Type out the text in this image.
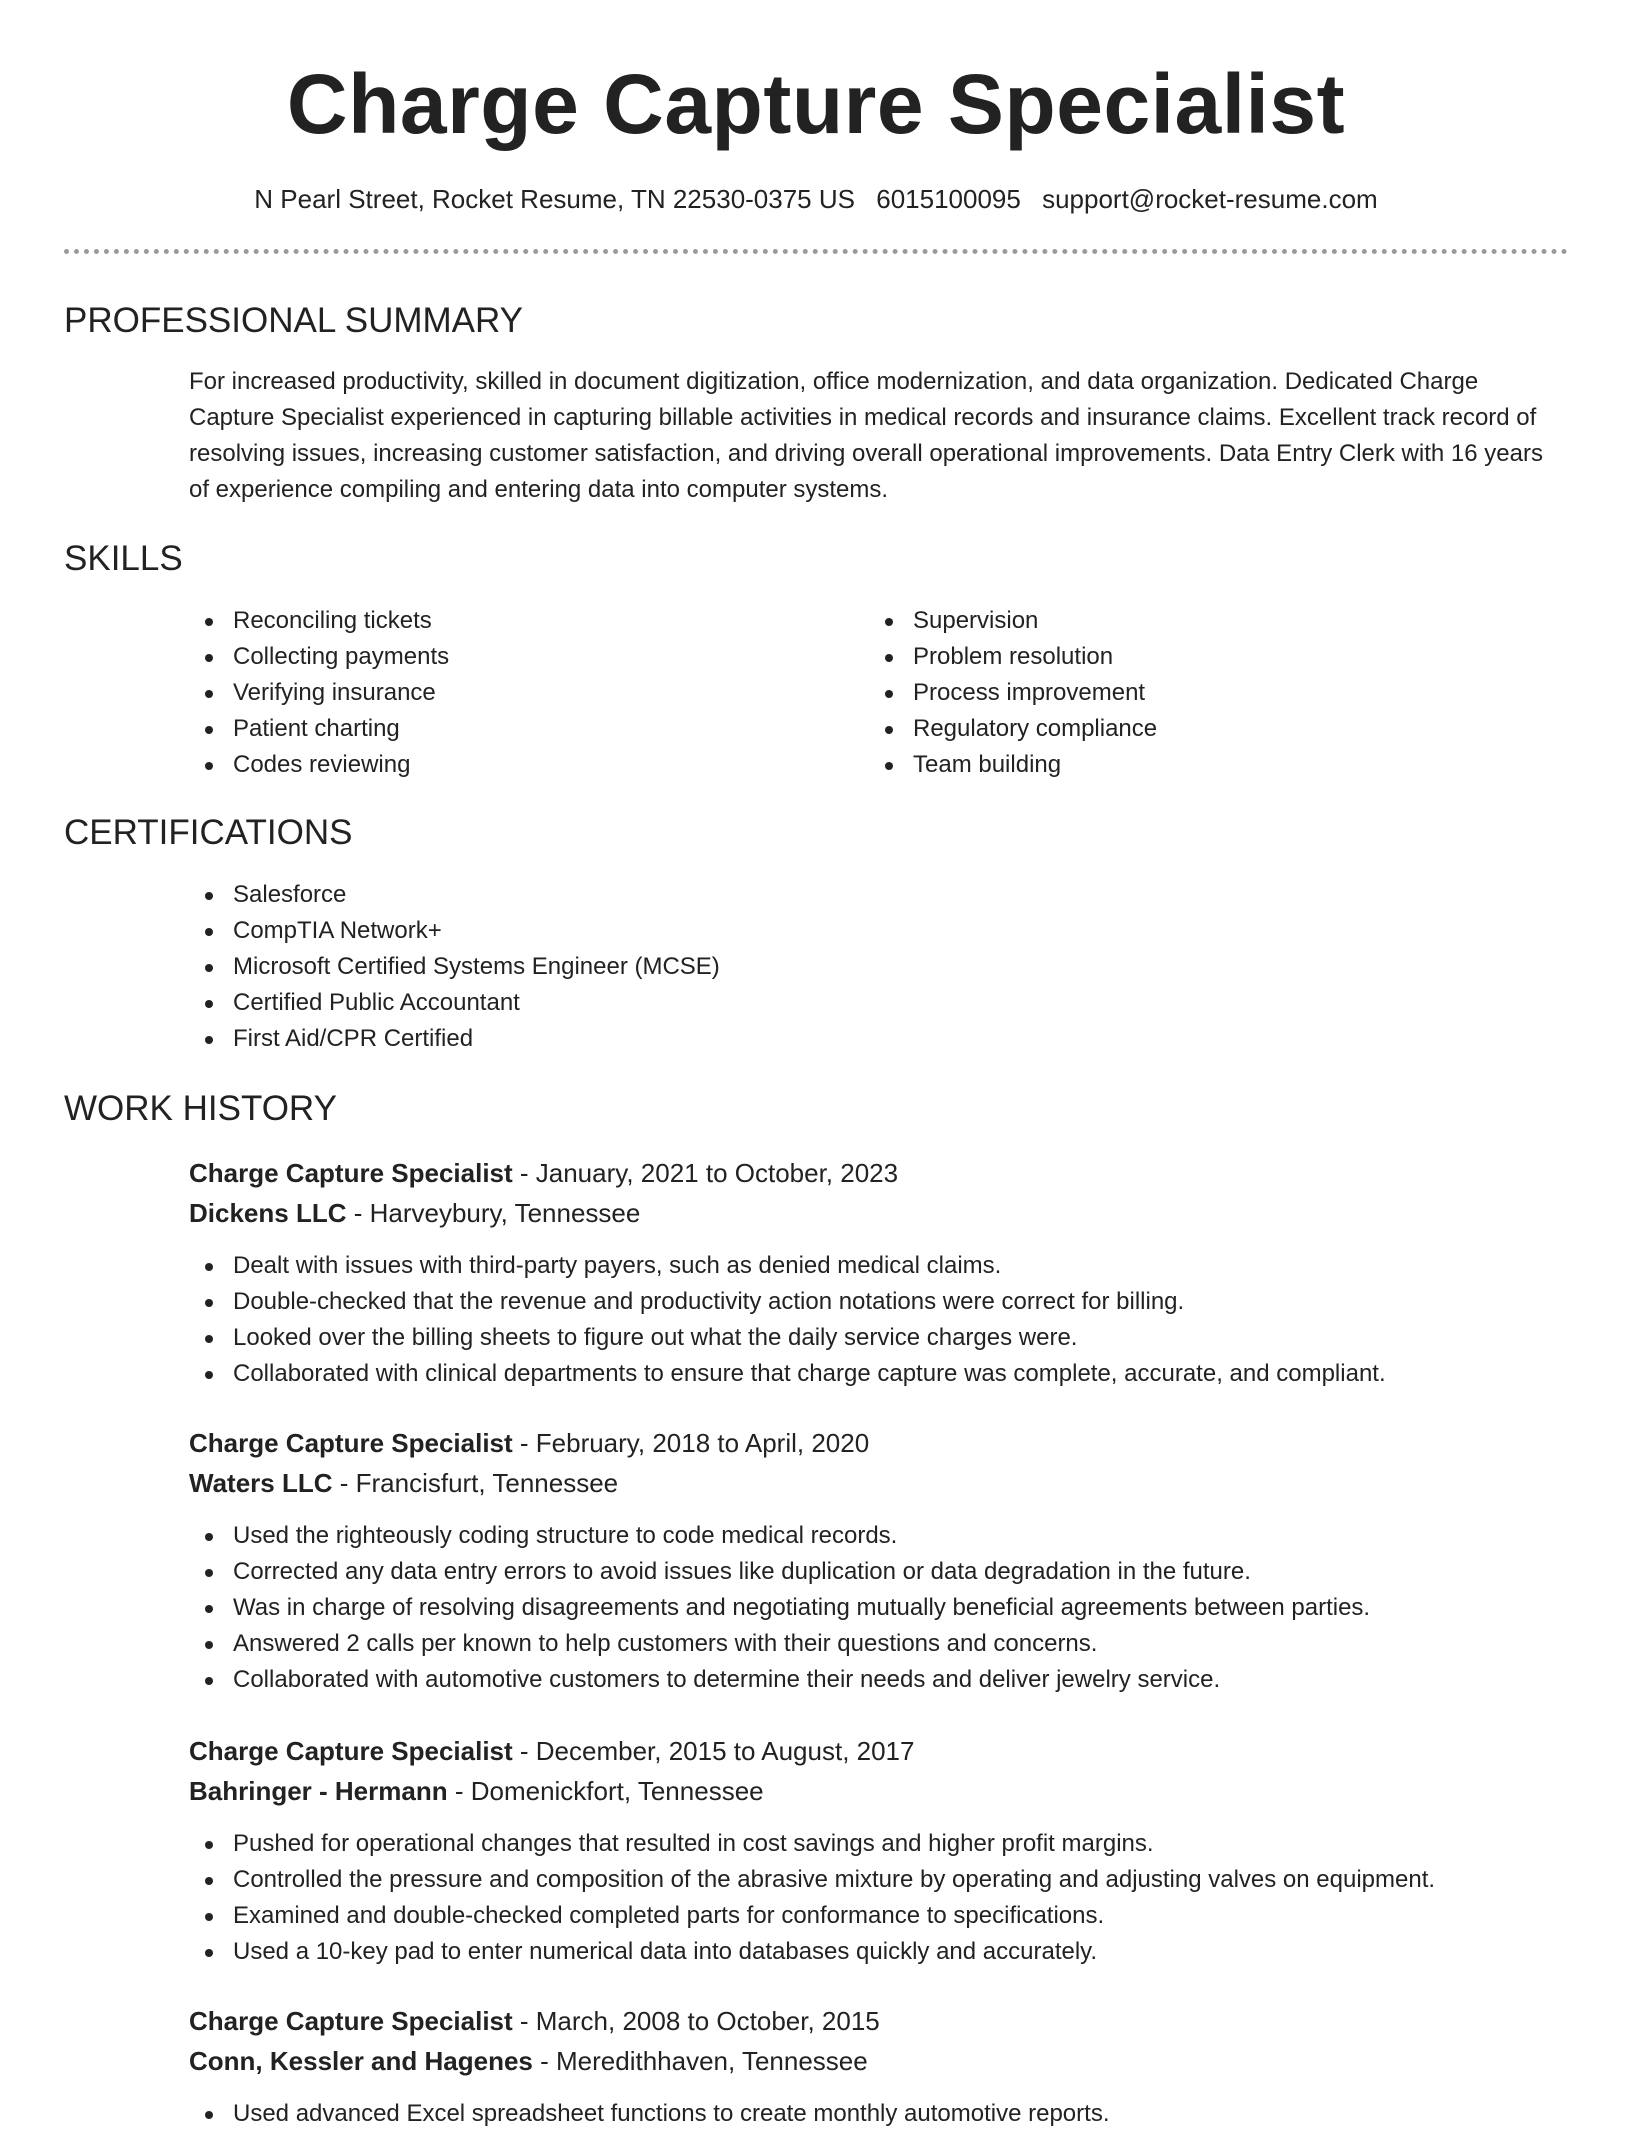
Charge Capture Specialist
N Pearl Street, Rocket Resume, TN 22530-0375 US 6015100095 support@rocket-resume.com
PROFESSIONAL SUMMARY

For increased productivity, skilled in document digitization, office modernization, and data organization. Dedicated Charge Capture Specialist experienced in capturing billable activities in medical records and insurance claims. Excellent track record of resolving issues, increasing customer satisfaction, and driving overall operational improvements. Data Entry Clerk with 16 years of experience compiling and entering data into computer systems.

SKILLS
Reconciling tickets
Collecting payments
Verifying insurance
Patient charting
Codes reviewing
Supervision
Problem resolution
Process improvement
Regulatory compliance
Team building
CERTIFICATIONS
Salesforce
CompTIA Network+
Microsoft Certified Systems Engineer (MCSE)
Certified Public Accountant
First Aid/CPR Certified
WORK HISTORY
Charge Capture Specialist - January, 2021 to October, 2023
Dickens LLC - Harveybury, Tennessee
Dealt with issues with third-party payers, such as denied medical claims.
Double-checked that the revenue and productivity action notations were correct for billing.
Looked over the billing sheets to figure out what the daily service charges were.
Collaborated with clinical departments to ensure that charge capture was complete, accurate, and compliant.
Charge Capture Specialist - February, 2018 to April, 2020
Waters LLC - Francisfurt, Tennessee
Used the righteously coding structure to code medical records.
Corrected any data entry errors to avoid issues like duplication or data degradation in the future.
Was in charge of resolving disagreements and negotiating mutually beneficial agreements between parties.
Answered 2 calls per known to help customers with their questions and concerns.
Collaborated with automotive customers to determine their needs and deliver jewelry service.
Charge Capture Specialist - December, 2015 to August, 2017
Bahringer - Hermann - Domenickfort, Tennessee
Pushed for operational changes that resulted in cost savings and higher profit margins.
Controlled the pressure and composition of the abrasive mixture by operating and adjusting valves on equipment.
Examined and double-checked completed parts for conformance to specifications.
Used a 10-key pad to enter numerical data into databases quickly and accurately.
Charge Capture Specialist - March, 2008 to October, 2015
Conn, Kessler and Hagenes - Meredithhaven, Tennessee
Used advanced Excel spreadsheet functions to create monthly automotive reports.
